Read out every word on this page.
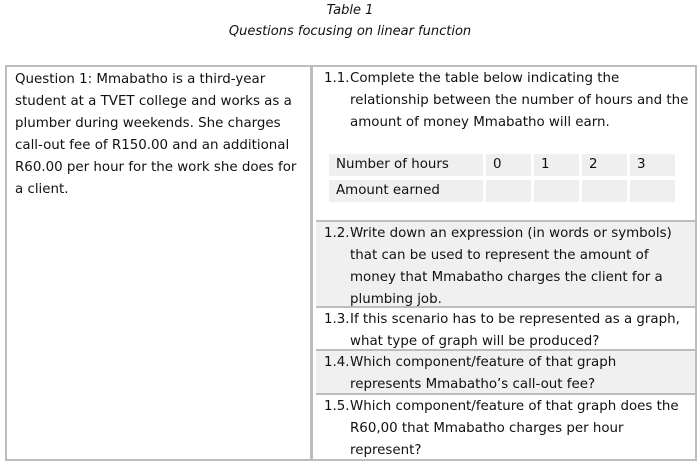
Table 1
Questions focusing on linear function
Question 1: Mmabatho is a third-year student at a TVET college and works as a plumber during weekends. She charges call-out fee of R150.00 and an additional R60.00 per hour for the work she does for a client.
1.1. Complete the table below indicating the relationship between the number of hours and the amount of money Mmabatho will earn.
Number of hours	0	1	2	3
Amount earned				
1.2. Write down an expression (in words or symbols) that can be used to represent the amount of money that Mmabatho charges the client for a plumbing job.
1.3. If this scenario has to be represented as a graph, what type of graph will be produced?
1.4. Which component/feature of that graph represents Mmabatho’s call-out fee?
1.5. Which component/feature of that graph does the R60,00 that Mmabatho charges per hour represent?
